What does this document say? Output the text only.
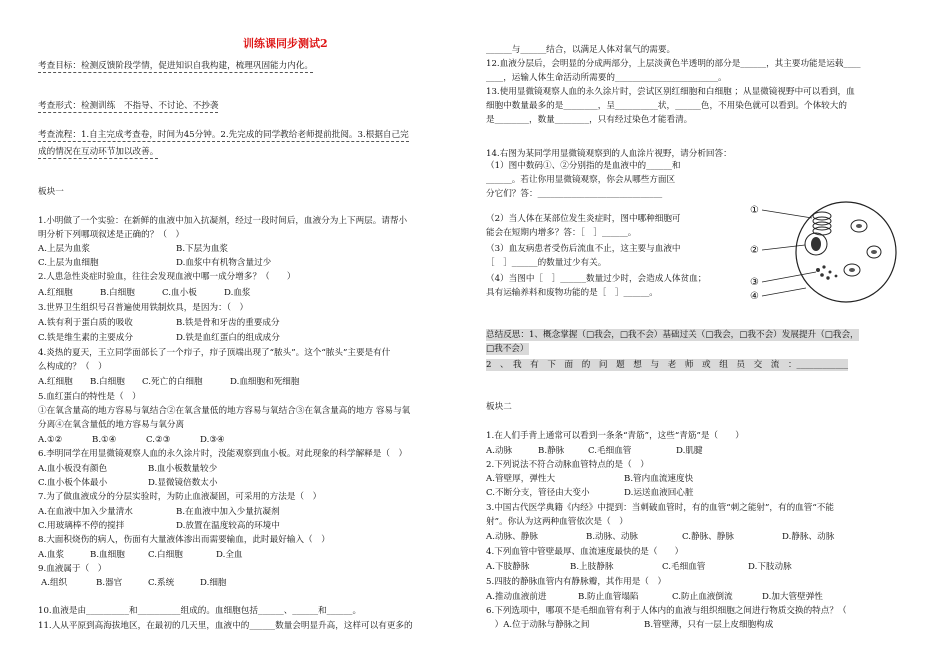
训练课同步测试2
考查目标：检测反馈阶段学情，促进知识自我构建，梳理巩固能力内化。
考查形式：检测训练　不指导、不讨论、不抄袭
考查流程：1.自主完成考查卷，时间为45分钟。2.先完成的同学教给老师提前批阅。3.根据自己完
成的情况在互动环节加以改善。
板块一
1.小明做了一个实验：在新鲜的血液中加入抗凝剂，经过一段时间后，血液分为上下两层。请帮小
明分析下列哪项叙述是正确的？（　）
A.上层为血浆	B.下层为血浆
C.上层为血细胞	D.血浆中有机物含量过少
2.人患急性炎症时验血，往往会发现血液中哪一成分增多？（　　）
A.红细胞	B.白细胞	C.血小板	D.血浆
3.世界卫生组织号召普遍使用铁制炊具，是因为：（　）
A.铁有利于蛋白质的吸收	B.铁是骨和牙齿的重要成分
C.铁是维生素的主要成分	D.铁是血红蛋白的组成成分
4.炎热的夏天，王立同学面部长了一个疖子，疖子顶端出现了“脓头”。这个“脓头”主要是有什
么构成的？（　）
A.红细胞 B.白细胞 C.死亡的白细胞	D.血细胞和死细胞
5.血红蛋白的特性是（　）
①在氧含量高的地方容易与氧结合②在氧含量低的地方容易与氧结合③在氧含量高的地方 容易与氧
分离④在氧含量低的地方容易与氧分离
A.①②	B.①④	C.②③	D.③④
6.李明同学在用显微镜观察人血的永久涂片时，没能观察到血小板。对此现象的科学解释是（　）
A.血小板没有颜色	B.血小板数量较少
C.血小板个体最小	D.显微镜倍数太小
7.为了做血液成分的分层实验时，为防止血液凝固，可采用的方法是（　）
A.在血液中加入少量清水	B.在血液中加入少量抗凝剂
C.用玻璃棒不停的搅拌	D.放置在温度较高的环境中
8.大面积烧伤的病人，伤面有大量液体渗出而需要输血，此时最好输入（　）
A.血浆	B.血细胞	C.白细胞	D.全血
9.血液属于（　）
A.组织	B.器官	C.系统	D.细胞
10.血液是由__________和__________组成的。血细胞包括______、______和______。
11.人从平原到高海拔地区，在最初的几天里，血液中的______数量会明显升高，这样可以有更多的
______与______结合，以满足人体对氧气的需要。
12.血液分层后，会明显的分成两部分，上层淡黄色半透明的部分是______，其主要功能是运载____
____，运输人体生命活动所需要的________________________。
13.使用显微镜观察人血的永久涂片时，尝试区别红细胞和白细胞 ；从显微镜视野中可以看到，血
细胞中数量最多的是________，呈__________状，______色，不用染色就可以看到。个体较大的
是________，数量________，只有经过染色才能看清。
14.右图为某同学用显微镜观察到的人血涂片视野，请分析回答：
（1）图中数码①、②分别指的是血液中的______和
______。若让你用显微镜观察，你会从哪些方面区
分它们？答：_____________________________
（2）当人体在某部位发生炎症时，图中哪种细胞可
能会在短期内增多？答：［　］______。
（3）血友病患者受伤后流血不止，这主要与血液中
［　］______的数量过少有关。
（4）当图中［　］______数量过少时，会造成人体贫血；
具有运输养料和废物功能的是［　］______。
①
②
③
④
总结反思：1、概念掌握（□我会，□我不会）基础过关（□我会，□我不会）发展提升（□我会，
□我不会）
2　、　我　有　下　面　的　问　题　想　与　老　师　或　组　员　交　流　：____________
板块二
1.在人们手背上通常可以看到一条条“青筋”，这些“青筋”是（　　）
A.动脉	B.静脉	C.毛细血管	D.肌腱
2.下列说法不符合动脉血管特点的是（　）
A.管壁厚，弹性大	B.管内血流速度快
C.不断分支，管径由大变小	D.运送血液回心脏
3.中国古代医学典籍《内经》中提到：当刺破血管时，有的血管“刺之能射”，有的血管“不能
射”。你认为这两种血管依次是（　）
A.动脉、静脉	B.动脉、动脉	C.静脉、静脉	D.静脉、动脉
4.下列血管中管壁最厚、血流速度最快的是（　　）
A.下肢静脉	B.上肢静脉	C.毛细血管	D.下肢动脉
5.四肢的静脉血管内有静脉瓣，其作用是（　）
A.推动血液前进	B.防止血管塌陷	C.防止血液倒流	D.加大管壁弹性
6.下列选项中，哪项不是毛细血管有利于人体内的血液与组织细胞之间进行物质交换的特点？（
　）A.位于动脉与静脉之间	B.管壁薄，只有一层上皮细胞构成
